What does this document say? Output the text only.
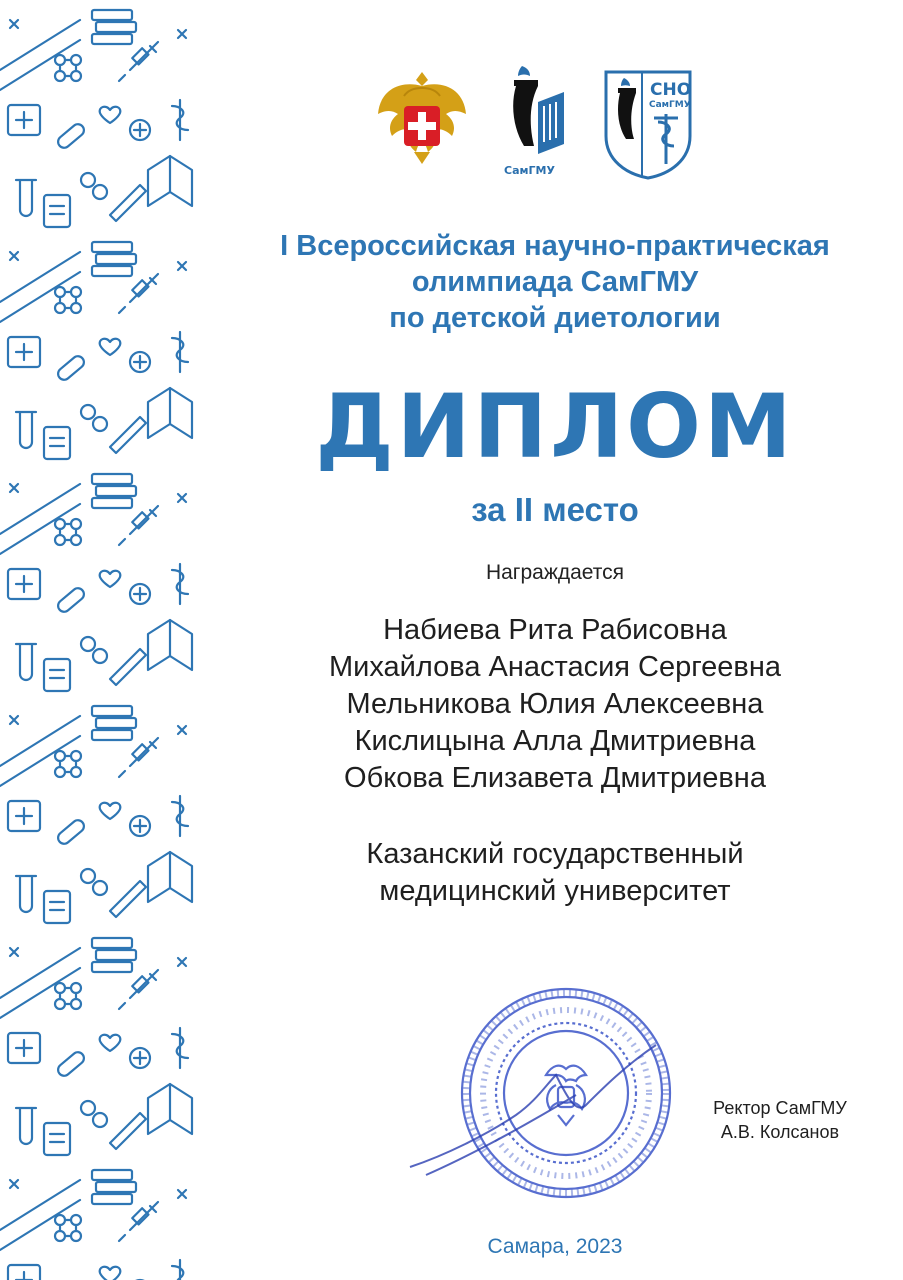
СамГМУ
СНО
СамГМУ
I Всероссийская научно-практическая
олимпиада СамГМУ
по детской диетологии
ДИПЛОМ
за II место
Награждается
Набиева Рита Рабисовна
Михайлова Анастасия Сергеевна
Мельникова Юлия Алексеевна
Кислицына Алла Дмитриевна
Обкова Елизавета Дмитриевна
Казанский государственный
медицинский университет
Ректор СамГМУ
А.В. Колсанов
Самара, 2023
